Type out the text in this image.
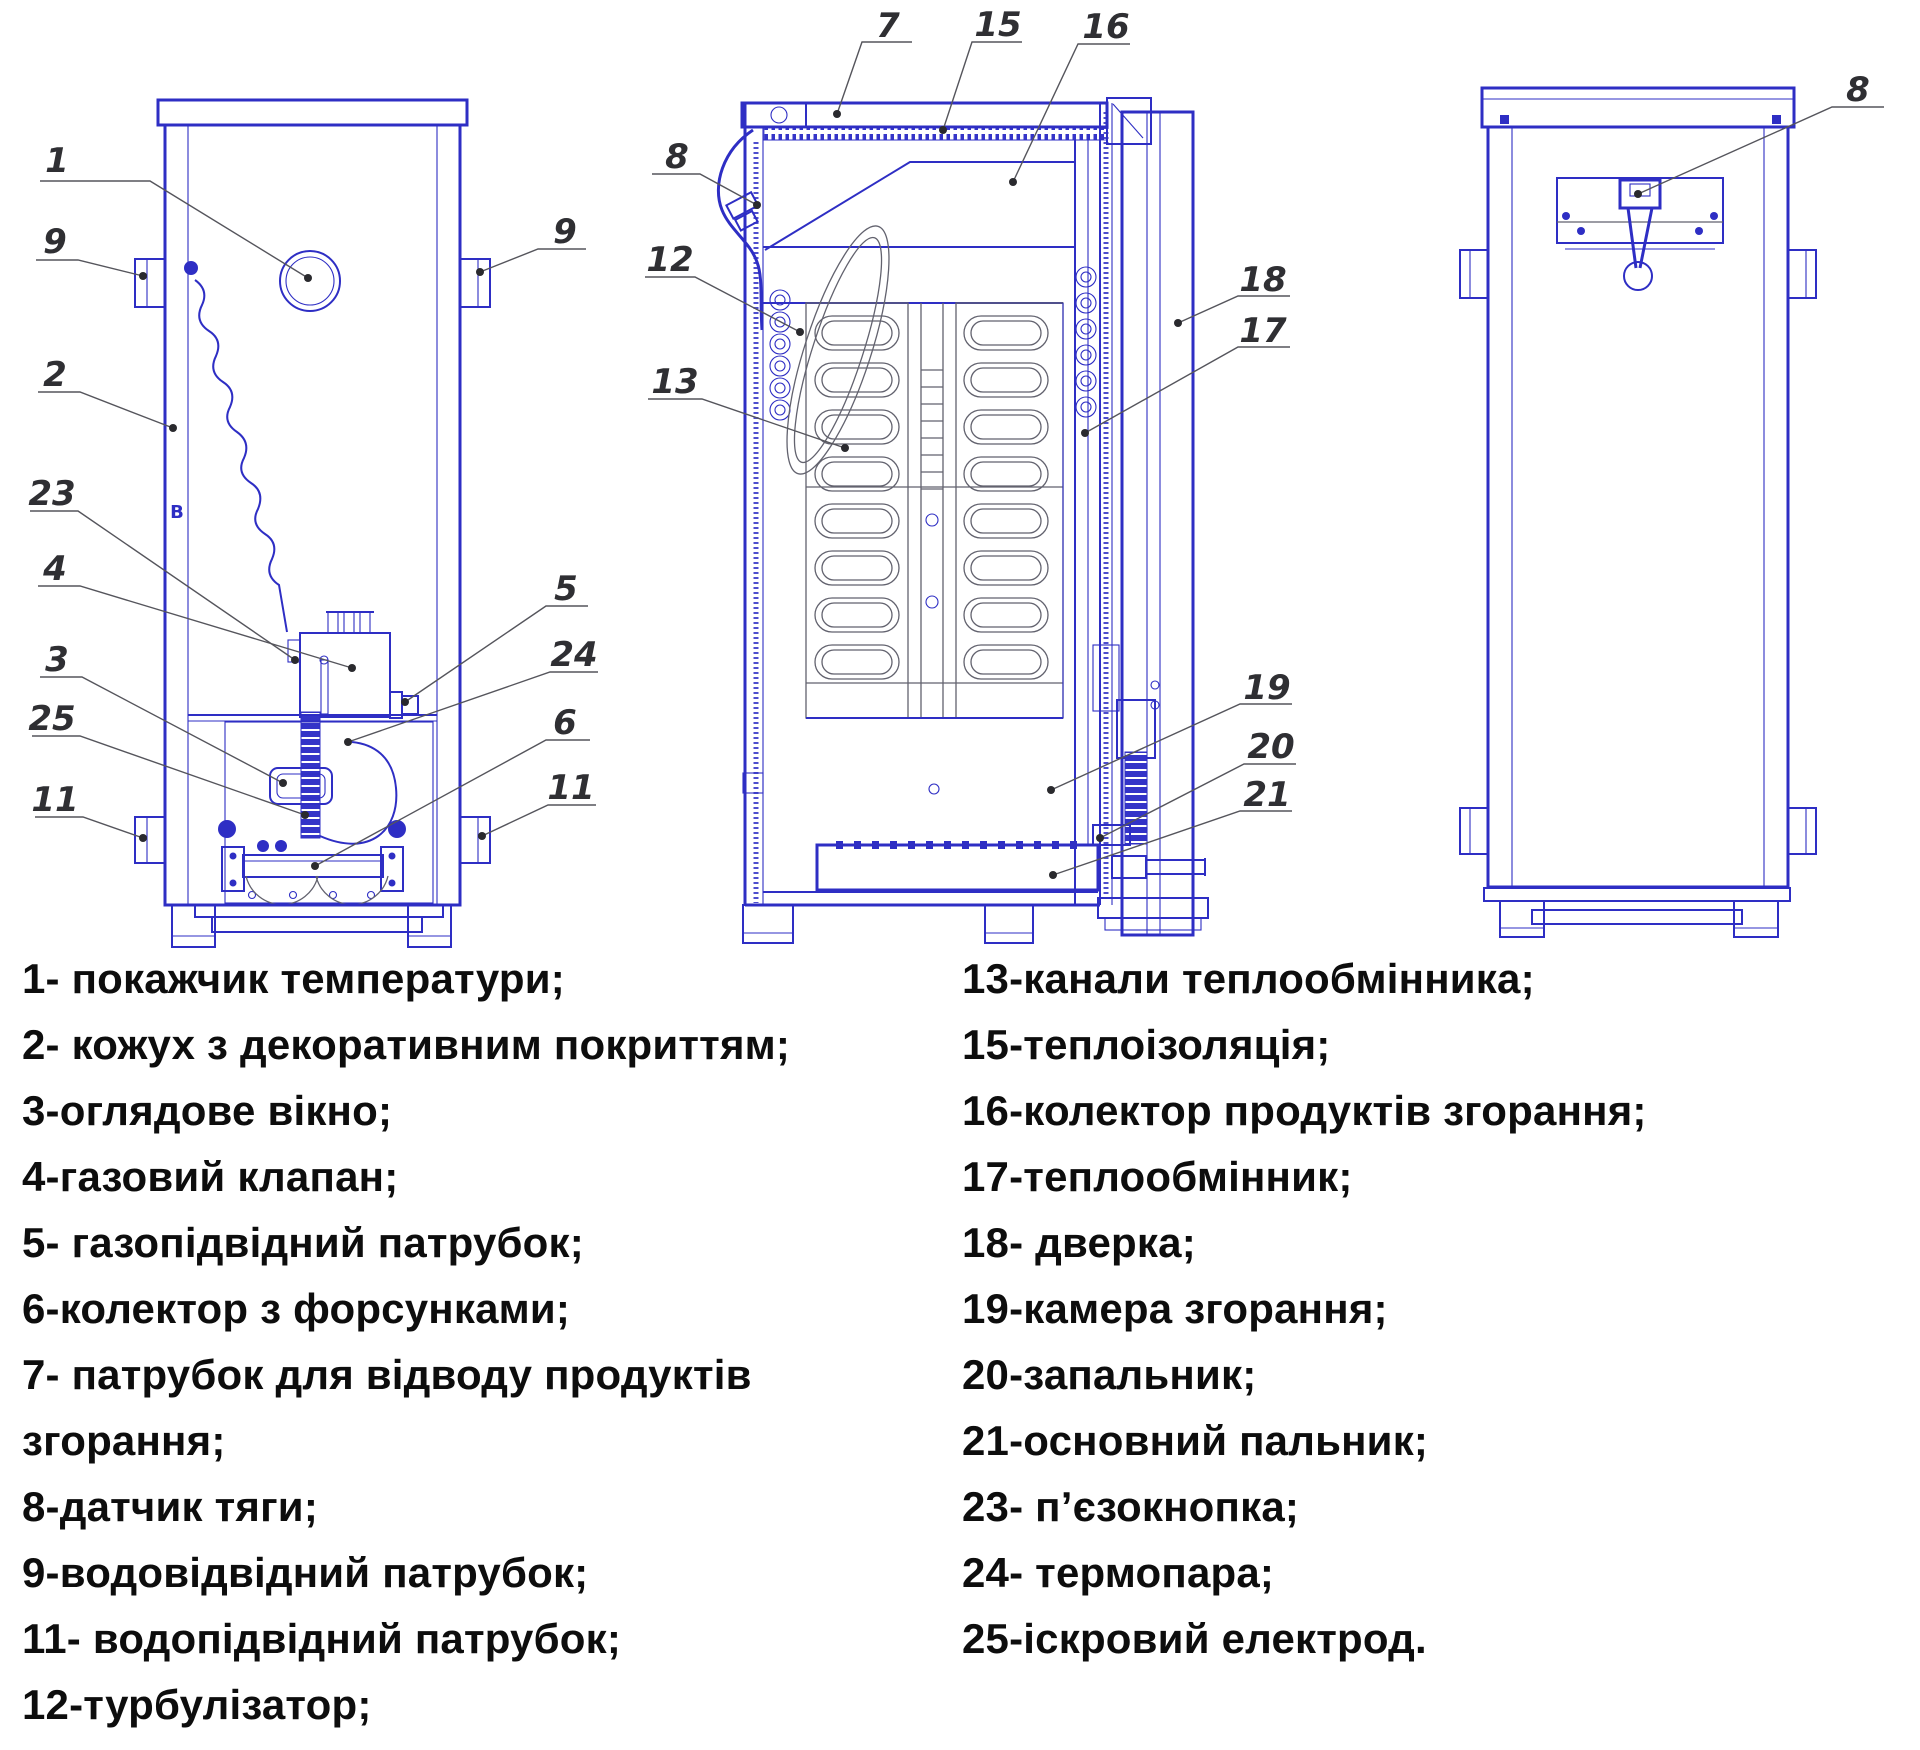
В
1
9
2
23
4
3
25
11
9
5
24
6
11
7 15 16
8
12
13
18
17
19
20
21
8
1- покажчик температури;
2- кожух з декоративним покриттям;
3-оглядове вікно;
4-газовий клапан;
5- газопідвідний патрубок;
6-колектор з форсунками;
7- патрубок для відводу продуктів
згорання;
8-датчик тяги;
9-водовідвідний патрубок;
11- водопідвідний патрубок;
12-турбулізатор;
13-канали теплообмінника;
15-теплоізоляція;
16-колектор продуктів згорання;
17-теплообмінник;
18- дверка;
19-камера згорання;
20-запальник;
21-основний пальник;
23- п’єзокнопка;
24- термопара;
25-іскровий електрод.
